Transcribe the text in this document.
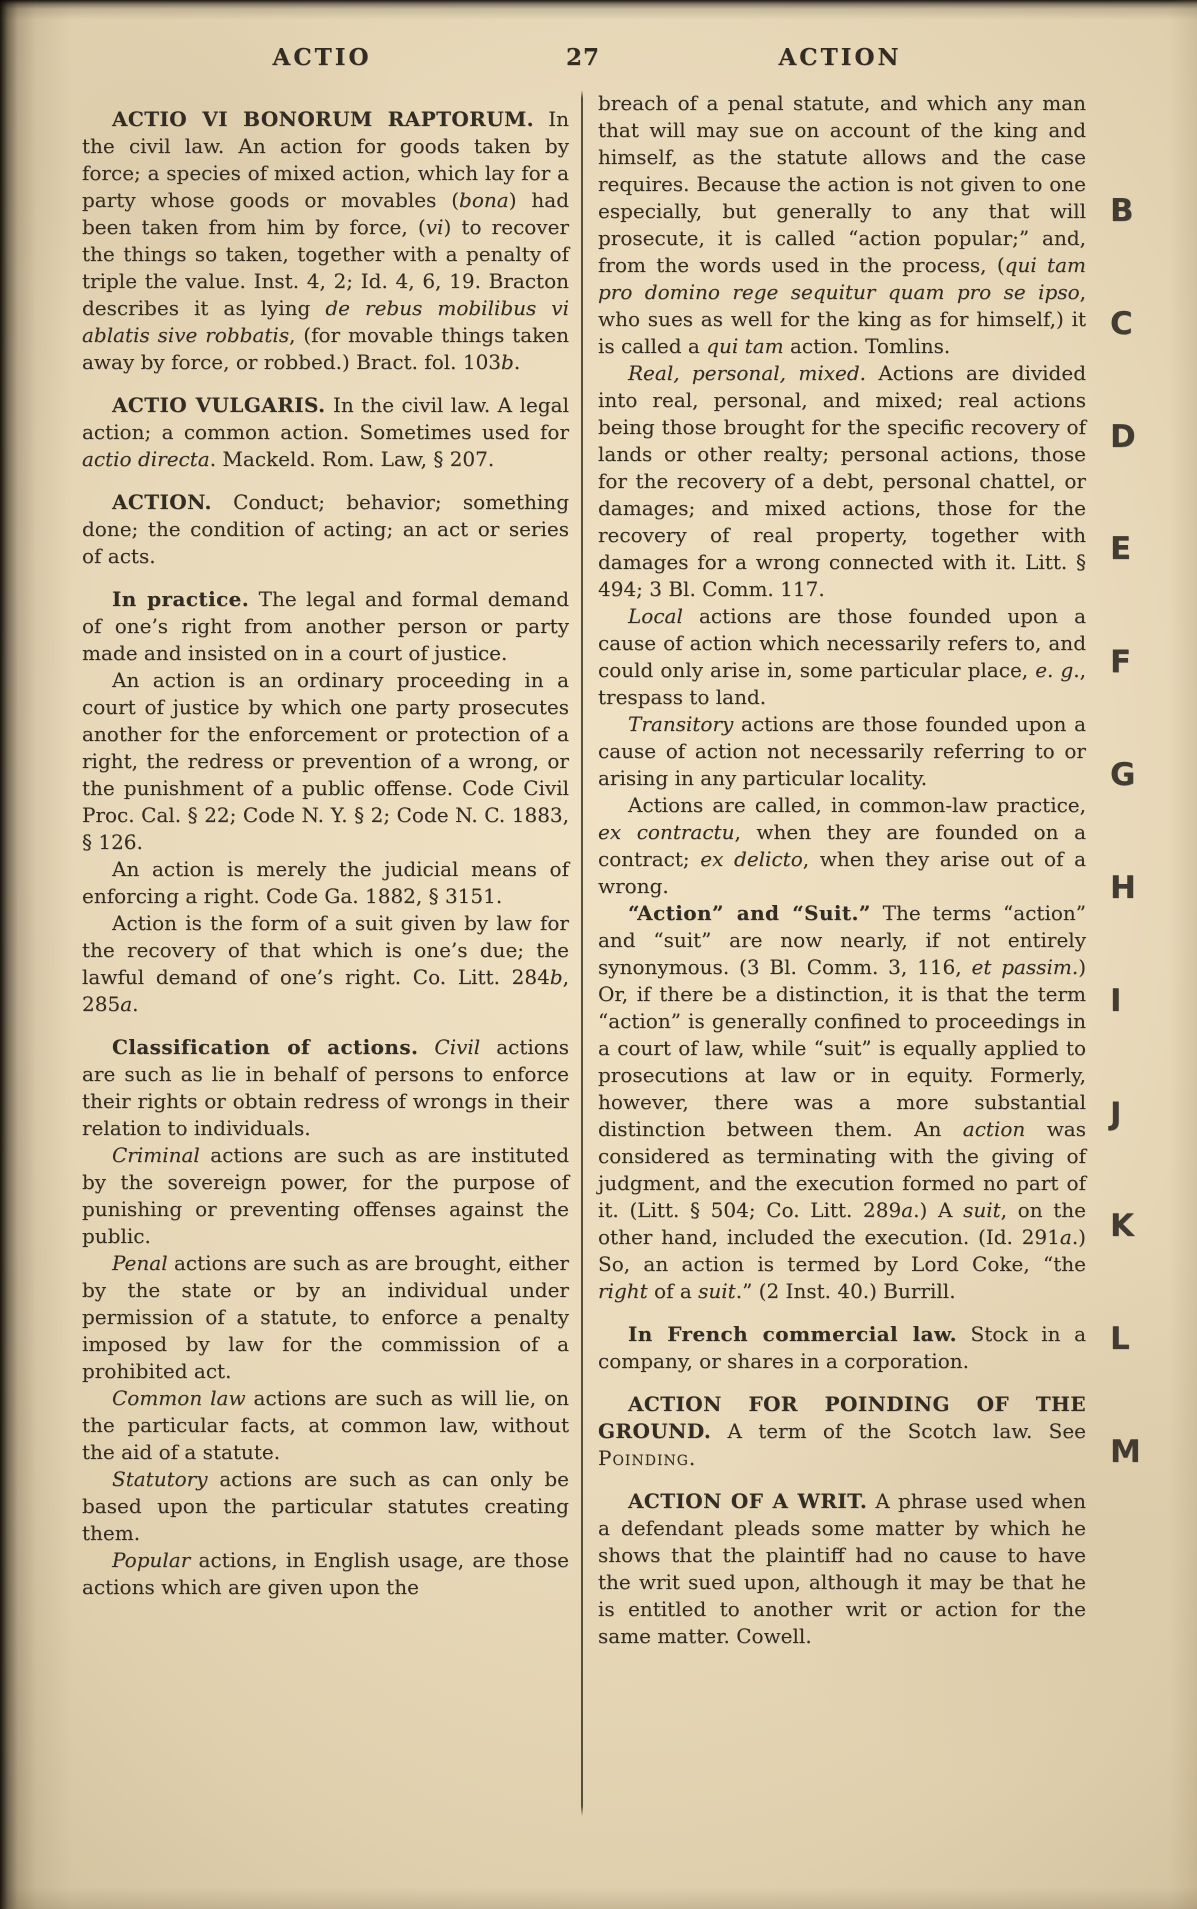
ACTIO	27	ACTION

ACTIO VI BONORUM RAPTORUM. In the civil law. An action for goods taken by force; a species of mixed action, which lay for a party whose goods or movables (bona) had been taken from him by force, (vi) to recover the things so taken, together with a penalty of triple the value. Inst. 4, 2; Id. 4, 6, 19. Bracton describes it as lying de rebus mobilibus vi ablatis sive robbatis, (for movable things taken away by force, or robbed.) Bract. fol. 103b.

ACTIO VULGARIS. In the civil law. A legal action; a common action. Sometimes used for actio directa. Mackeld. Rom. Law, § 207.

ACTION. Conduct; behavior; something done; the condition of acting; an act or series of acts.

In practice. The legal and formal demand of one’s right from another person or party made and insisted on in a court of justice.

An action is an ordinary proceeding in a court of justice by which one party prosecutes another for the enforcement or protection of a right, the redress or prevention of a wrong, or the punishment of a public offense. Code Civil Proc. Cal. § 22; Code N. Y. § 2; Code N. C. 1883, § 126.

An action is merely the judicial means of enforcing a right. Code Ga. 1882, § 3151.

Action is the form of a suit given by law for the recovery of that which is one’s due; the lawful demand of one’s right. Co. Litt. 284b, 285a.

Classification of actions. Civil actions are such as lie in behalf of persons to enforce their rights or obtain redress of wrongs in their relation to individuals.

Criminal actions are such as are instituted by the sovereign power, for the purpose of punishing or preventing offenses against the public.

Penal actions are such as are brought, either by the state or by an individual under permission of a statute, to enforce a penalty imposed by law for the commission of a prohibited act.

Common law actions are such as will lie, on the particular facts, at common law, without the aid of a statute.

Statutory actions are such as can only be based upon the particular statutes creating them.

Popular actions, in English usage, are those actions which are given upon the

breach of a penal statute, and which any man that will may sue on account of the king and himself, as the statute allows and the case requires. Because the action is not given to one especially, but generally to any that will prosecute, it is called “action popular;” and, from the words used in the process, (qui tam pro domino rege sequitur quam pro se ipso, who sues as well for the king as for himself,) it is called a qui tam action. Tomlins.

Real, personal, mixed. Actions are divided into real, personal, and mixed; real actions being those brought for the specific recovery of lands or other realty; personal actions, those for the recovery of a debt, personal chattel, or damages; and mixed actions, those for the recovery of real property, together with damages for a wrong connected with it. Litt. § 494; 3 Bl. Comm. 117.

Local actions are those founded upon a cause of action which necessarily refers to, and could only arise in, some particular place, e. g., trespass to land.

Transitory actions are those founded upon a cause of action not necessarily referring to or arising in any particular locality.

Actions are called, in common-law practice, ex contractu, when they are founded on a contract; ex delicto, when they arise out of a wrong.

“Action” and “Suit.” The terms “action” and “suit” are now nearly, if not entirely synonymous. (3 Bl. Comm. 3, 116, et passim.) Or, if there be a distinction, it is that the term “action” is generally confined to proceedings in a court of law, while “suit” is equally applied to prosecutions at law or in equity. Formerly, however, there was a more substantial distinction between them. An action was considered as terminating with the giving of judgment, and the execution formed no part of it. (Litt. § 504; Co. Litt. 289a.) A suit, on the other hand, included the execution. (Id. 291a.) So, an action is termed by Lord Coke, “the right of a suit.” (2 Inst. 40.) Burrill.

In French commercial law. Stock in a company, or shares in a corporation.

ACTION FOR POINDING OF THE GROUND. A term of the Scotch law. See Poinding.

ACTION OF A WRIT. A phrase used when a defendant pleads some matter by which he shows that the plaintiff had no cause to have the writ sued upon, although it may be that he is entitled to another writ or action for the same matter. Cowell.

B
C
D
E
F
G
H
I
J
K
L
M
